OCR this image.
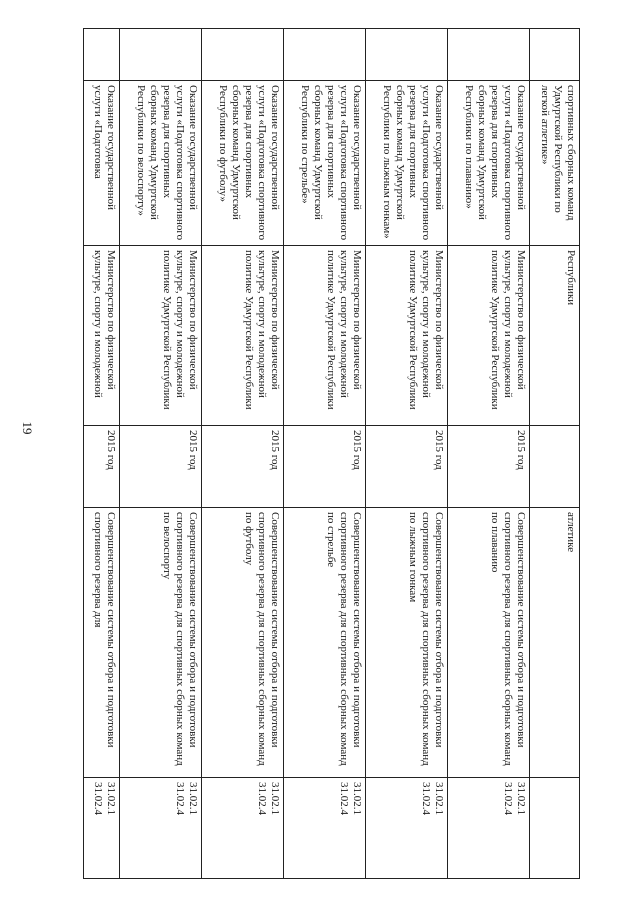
19
	спортивных сборных команд Удмуртской Республики по легкой атлетике»	Республики		атлетике	
	Оказание государственной услуги «Подготовка спортивного резерва для спортивных сборных команд Удмуртской Республики по плаванию»	Министерство по физической культуре, спорту и молодежной политике Удмуртской Республики	2015 год	Совершенствование системы отбора и подготовки спортивного резерва для спортивных сборных команд по плаванию	31.02.1
31.02.4
	Оказание государственной услуги «Подготовка спортивного резерва для спортивных сборных команд Удмуртской Республики по лыжным гонкам»	Министерство по физической культуре, спорту и молодежной политике Удмуртской Республики	2015 год	Совершенствование системы отбора и подготовки спортивного резерва для спортивных сборных команд по лыжным гонкам	31.02.1
31.02.4
	Оказание государственной услуги «Подготовка спортивного резерва для спортивных сборных команд Удмуртской Республики по стрельбе»	Министерство по физической культуре, спорту и молодежной политике Удмуртской Республики	2015 год	Совершенствование системы отбора и подготовки спортивного резерва для спортивных сборных команд по стрельбе	31.02.1
31.02.4
	Оказание государственной услуги «Подготовка спортивного резерва для спортивных сборных команд Удмуртской Республики по футболу»	Министерство по физической культуре, спорту и молодежной политике Удмуртской Республики	2015 год	Совершенствование системы отбора и подготовки спортивного резерва для спортивных сборных команд по футболу	31.02.1
31.02.4
	Оказание государственной услуги «Подготовка спортивного резерва для спортивных сборных команд Удмуртской Республики по велоспорту»	Министерство по физической культуре, спорту и молодежной политике Удмуртской Республики	2015 год	Совершенствование системы отбора и подготовки спортивного резерва для спортивных сборных команд по велоспорту	31.02.1
31.02.4
	Оказание государственной услуги «Подготовка	Министерство по физической культуре, спорту и молодежной	2015 год	Совершенствование системы отбора и подготовки спортивного резерва для	31.02.1
31.02.4
